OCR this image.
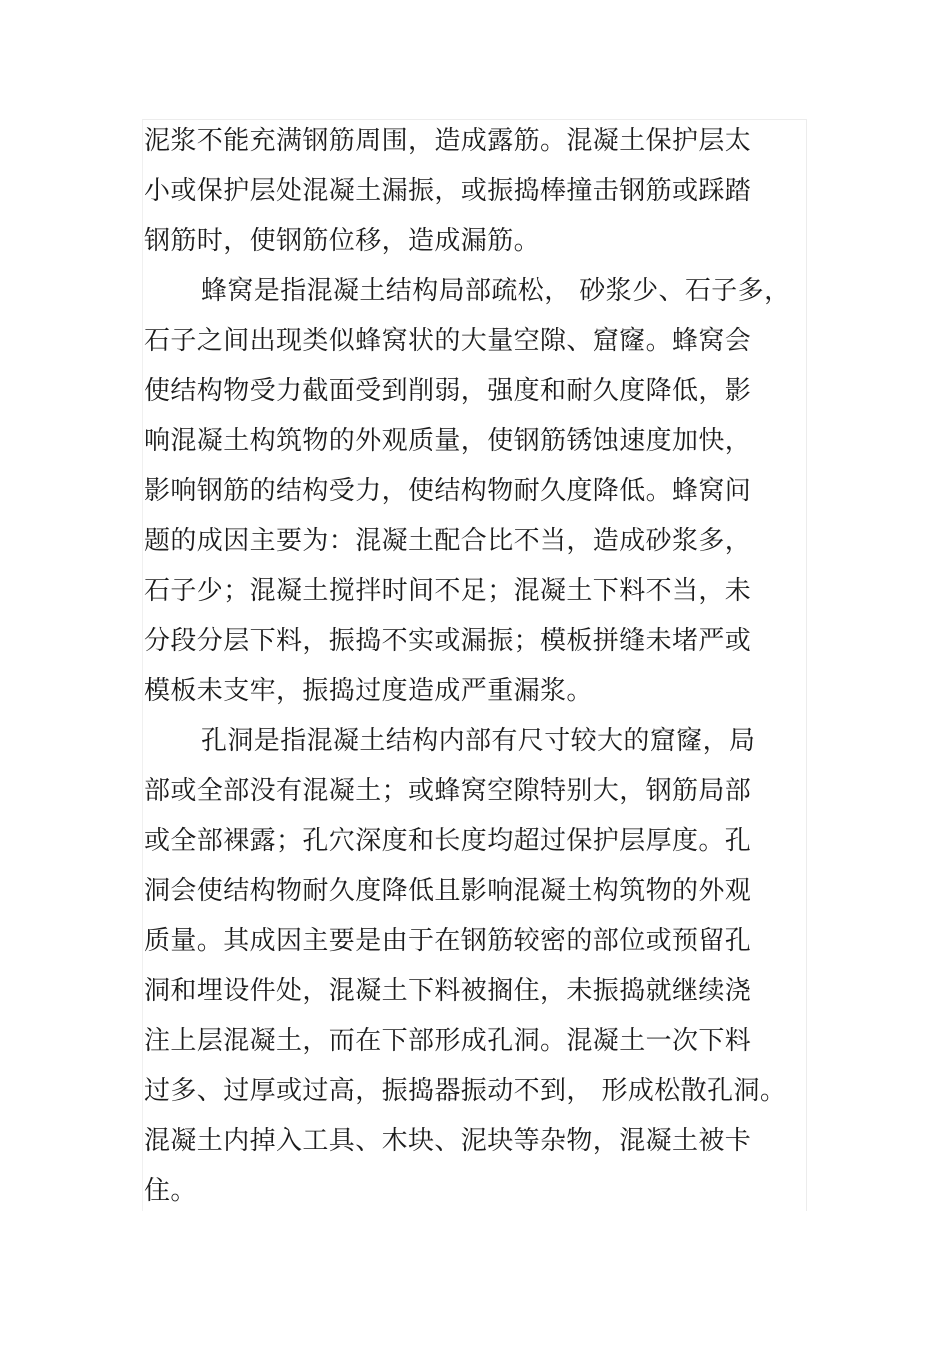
泥浆不能充满钢筋周围，造成露筋。混凝土保护层太
小或保护层处混凝土漏振，或振捣棒撞击钢筋或踩踏
钢筋时，使钢筋位移，造成漏筋。
蜂窝是指混凝土结构局部疏松， 砂浆少、石子多，
石子之间出现类似蜂窝状的大量空隙、窟窿。蜂窝会
使结构物受力截面受到削弱，强度和耐久度降低，影
响混凝土构筑物的外观质量，使钢筋锈蚀速度加快，
影响钢筋的结构受力，使结构物耐久度降低。蜂窝问
题的成因主要为：混凝土配合比不当，造成砂浆多，
石子少；混凝土搅拌时间不足；混凝土下料不当，未
分段分层下料，振捣不实或漏振；模板拼缝未堵严或
模板未支牢，振捣过度造成严重漏浆。
孔洞是指混凝土结构内部有尺寸较大的窟窿，局
部或全部没有混凝土；或蜂窝空隙特别大，钢筋局部
或全部裸露；孔穴深度和长度均超过保护层厚度。孔
洞会使结构物耐久度降低且影响混凝土构筑物的外观
质量。其成因主要是由于在钢筋较密的部位或预留孔
洞和埋设件处，混凝土下料被搁住，未振捣就继续浇
注上层混凝土，而在下部形成孔洞。混凝土一次下料
过多、过厚或过高，振捣器振动不到， 形成松散孔洞。
混凝土内掉入工具、木块、泥块等杂物，混凝土被卡
住。
